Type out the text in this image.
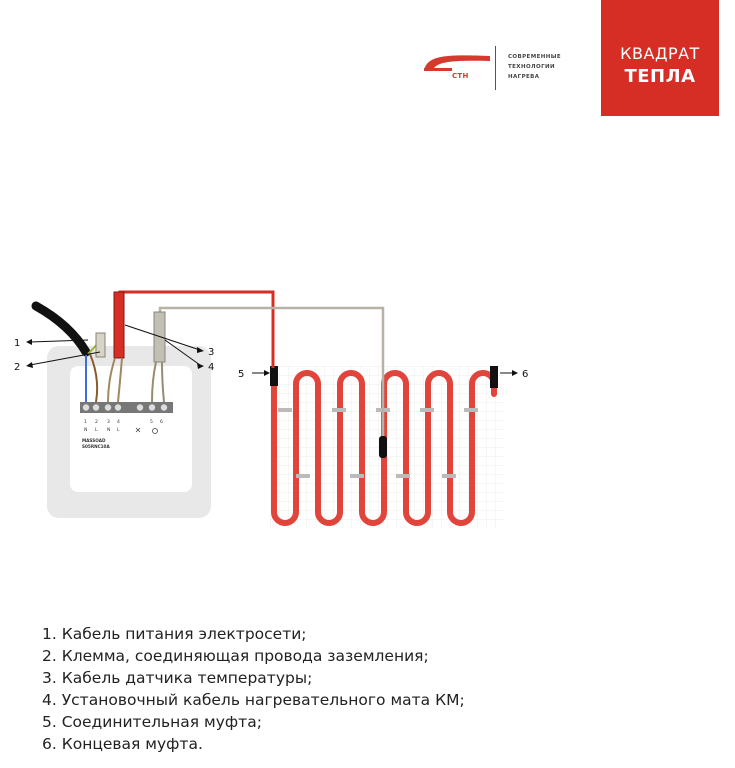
CTH
СОВРЕМЕННЫЕ
ТЕХНОЛОГИИ
НАГРЕВА
КВАДРАТ
ТЕПЛА
1 2 3 4	5 6
N L N L
MASSOAD
S05RNC10A
1
2
3
4
5	6
1. Кабель питания электросети;
2. Клемма, соединяющая провода заземления;
3. Кабель датчика температуры;
4. Установочный кабель нагревательного мата КМ;
5. Соединительная муфта;
6. Концевая муфта.
